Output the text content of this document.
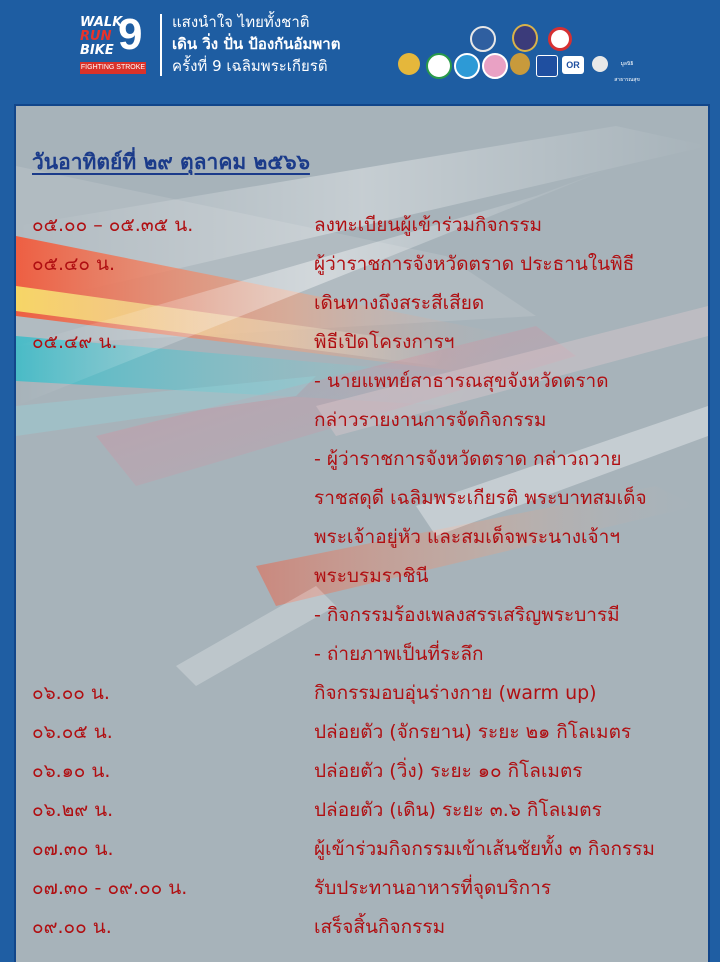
WALK
RUN
BIKE 9
FIGHTING STROKE
แสงนำใจ ไทยทั้งชาติ
เดิน วิ่ง ปั่น ป้องกันอัมพาต
ครั้งที่ 9 เฉลิมพระเกียรติ	OR	มูลนิธิสาธารณสุข
วันอาทิตย์ที่ ๒๙ ตุลาคม ๒๕๖๖
๐๕.๐๐ – ๐๕.๓๕ น.	ลงทะเบียนผู้เข้าร่วมกิจกรรม
๐๕.๔๐ น.	ผู้ว่าราชการจังหวัดตราด ประธานในพิธี
เดินทางถึงสระสีเสียด
๐๕.๔๙ น.	พิธีเปิดโครงการฯ
- นายแพทย์สาธารณสุขจังหวัดตราด
กล่าวรายงานการจัดกิจกรรม
- ผู้ว่าราชการจังหวัดตราด กล่าวถวาย
ราชสดุดี เฉลิมพระเกียรติ พระบาทสมเด็จ
พระเจ้าอยู่หัว และสมเด็จพระนางเจ้าฯ
พระบรมราชินี
- กิจกรรมร้องเพลงสรรเสริญพระบารมี
- ถ่ายภาพเป็นที่ระลึก
๐๖.๐๐ น.	กิจกรรมอบอุ่นร่างกาย (warm up)
๐๖.๐๕ น.	ปล่อยตัว (จักรยาน) ระยะ ๒๑ กิโลเมตร
๐๖.๑๐ น.	ปล่อยตัว (วิ่ง) ระยะ ๑๐ กิโลเมตร
๐๖.๒๙ น.	ปล่อยตัว (เดิน) ระยะ ๓.๖ กิโลเมตร
๐๗.๓๐ น.	ผู้เข้าร่วมกิจกรรมเข้าเส้นชัยทั้ง ๓ กิจกรรม
๐๗.๓๐ - ๐๙.๐๐ น.	รับประทานอาหารที่จุดบริการ
๐๙.๐๐ น.	เสร็จสิ้นกิจกรรม
